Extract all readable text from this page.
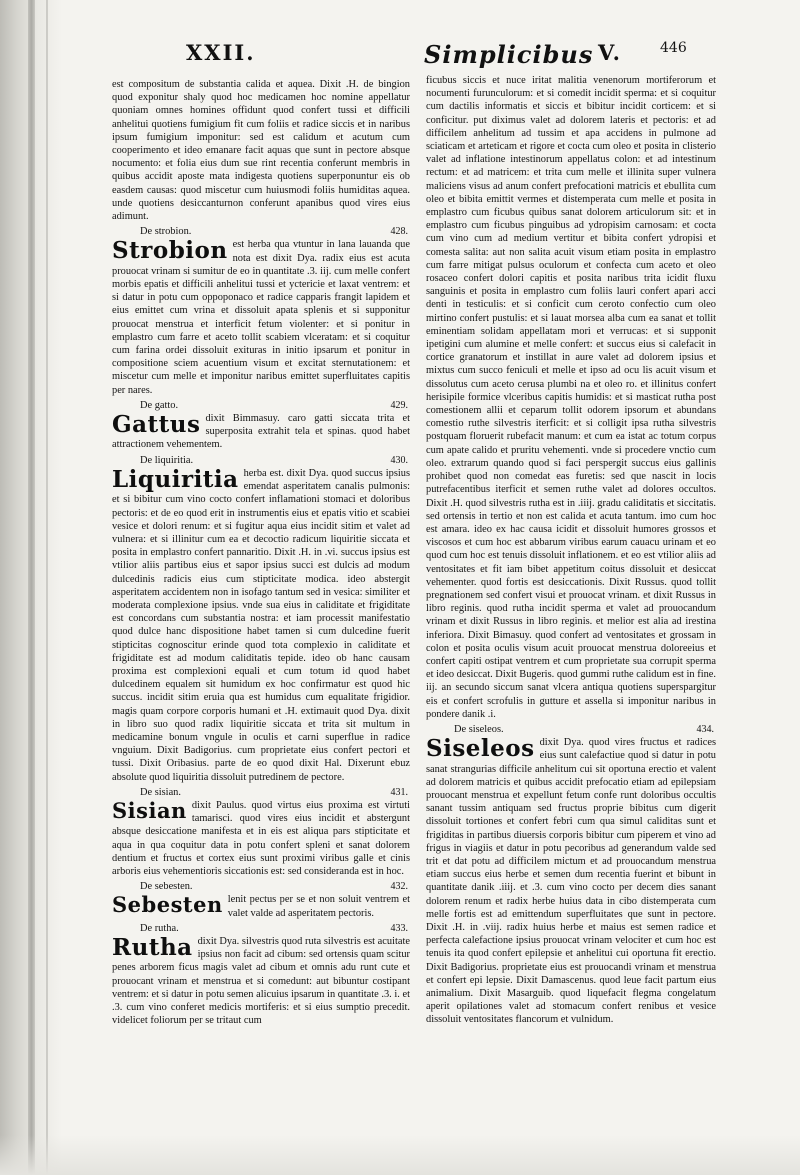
XXII.	Simplicibus V.	446

est compositum de substantia calida et aquea. Dixit .H. de bingion quod exponitur shaly quod hoc medicamen hoc nomine appellatur quoniam omnes homines offidunt quod confert tussi et difficili anhelitui quotiens fumigium fit cum foliis et radice siccis et in naribus ipsum fumigium imponitur: sed est calidum et acutum cum cooperimento et ideo emanare facit aquas que sunt in pectore absque nocumento: et folia eius dum sue rint recentia conferunt membris in quibus accidit aposte mata indigesta quotiens superponuntur eis ob easdem causas: quod miscetur cum huiusmodi foliis humiditas aquea. unde quotiens desiccanturnon conferunt apanibus quod vires eius adimunt.

De strobion.	428.
Strobion est herba qua vtuntur in lana lauanda que nota est dixit Dya. radix eius est acuta prouocat vrinam si sumitur de eo in quantitate .3. iij. cum melle confert morbis epatis et difficili anhelitui tussi et yctericie et laxat ventrem: et si datur in potu cum oppoponaco et radice capparis frangit lapidem et eius emittet cum vrina et dissoluit apata splenis et si supponitur prouocat menstrua et interficit fetum violenter: et si ponitur in emplastro cum farre et aceto tollit scabiem vlceratam: et si coquitur cum farina ordei dissoluit exituras in initio ipsarum et ponitur in compositione sciem acuentium visum et excitat sternutationem: et miscetur cum melle et imponitur naribus emittet superfluitates capitis per nares.

De gatto.	429.
Gattus dixit Bimmasuy. caro gatti siccata trita et superposita extrahit tela et spinas. quod habet attractionem vehementem.

De liquiritia.	430.
Liquiritia herba est. dixit Dya. quod succus ipsius emendat asperitatem canalis pulmonis: et si bibitur cum vino cocto confert inflamationi stomaci et doloribus pectoris: et de eo quod erit in instrumentis eius et epatis vitio et scabiei vesice et dolori renum: et si fugitur aqua eius incidit sitim et valet ad vulnera: et si illinitur cum ea et decoctio radicum liquiritie siccata et posita in emplastro confert pannaritio. Dixit .H. in .vi. succus ipsius est vtilior aliis partibus eius et sapor ipsius succi est dulcis ad modum dulcedinis radicis eius cum stipticitate modica. ideo abstergit asperitatem accidentem non in isofago tantum sed in vesica: similiter et moderata complexione ipsius. vnde sua eius in caliditate et frigiditate est concordans cum substantia nostra: et iam processit manifestatio quod dulce hanc dispositione habet tamen si cum dulcedine fuerit stipticitas cognoscitur erinde quod tota complexio in caliditate et frigiditate est ad modum caliditatis tepide. ideo ob hanc causam proxima est complexioni equali et cum totum id quod habet dulcedinem equalem sit humidum ex hoc confirmatur est quod hic succus. incidit sitim eruia qua est humidus cum equalitate frigidior. magis quam corpore corporis humani et .H. extimauit quod Dya. dixit in libro suo quod radix liquiritie siccata et trita sit multum in medicamine bonum vngule in oculis et carni superflue in radice vnguium. Dixit Badigorius. cum proprietate eius confert pectori et tussi. Dixit Oribasius. parte de eo quod dixit Hal. Dixerunt ebuz absolute quod liquiritia dissoluit putredinem de pectore.

De sisian.	431.
Sisian dixit Paulus. quod virtus eius proxima est virtuti tamarisci. quod vires eius incidit et abstergunt absque desiccatione manifesta et in eis est aliqua pars stipticitate et aqua in qua coquitur data in potu confert spleni et sanat dolorem dentium et fructus et cortex eius sunt proximi viribus galle et cinis arboris eius vehementioris siccationis est: sed consideranda est in hoc.

De sebesten.	432.
Sebesten lenit pectus per se et non soluit ventrem et valet valde ad asperitatem pectoris.

De rutha.	433.
Rutha dixit Dya. silvestris quod ruta silvestris est acuitate ipsius non facit ad cibum: sed ortensis quam scitur penes arborem ficus magis valet ad cibum et omnis adu runt cute et prouocant vrinam et menstrua et si comedunt: aut bibuntur costipant ventrem: et si datur in potu semen alicuius ipsarum in quantitate .3. i. et .3. cum vino conferet medicis mortiferis: et si eius sumptio precedit. videlicet foliorum per se tritaut cum

ficubus siccis et nuce iritat malitia venenorum mortiferorum et nocumenti furunculorum: et si comedit incidit sperma: et si coquitur cum dactilis informatis et siccis et bibitur incidit corticem: et si conficitur. put diximus valet ad dolorem lateris et pectoris: et ad difficilem anhelitum ad tussim et apa accidens in pulmone ad sciaticam et arteticam et rigore et cocta cum oleo et posita in clisterio valet ad inflatione intestinorum appellatus colon: et ad intestinum rectum: et ad matricem: et trita cum melle et illinita super vulnera maliciens visus ad anum confert prefocationi matricis et ebullita cum oleo et bibita emittit vermes et distemperata cum melle et posita in emplastro cum ficubus quibus sanat dolorem articulorum sit: et in emplastro cum ficubus pinguibus ad ydropisim carnosam: et cocta cum vino cum ad medium vertitur et bibita confert ydropisi et comesta salita: aut non salita acuit visum etiam posita in emplastro cum farre mitigat pulsus oculorum et confecta cum aceto et oleo rosaceo confert dolori capitis et posita naribus trita icidit fluxu sanguinis et posita in emplastro cum foliis lauri confert apari acci denti in testiculis: et si conficit cum ceroto confectio cum oleo mirtino confert pustulis: et si lauat morsea alba cum ea sanat et tollit eminentiam solidam appellatam mori et verrucas: et si supponit ipetigini cum alumine et melle confert: et succus eius si calefacit in cortice granatorum et instillat in aure valet ad dolorem ipsius et mixtus cum succo feniculi et melle et ipso ad ocu lis acuit visum et dissolutus cum aceto cerusa plumbi na et oleo ro. et illinitus confert herisipile formice vlceribus capitis humidis: et si masticat rutha post comestionem allii et ceparum tollit odorem ipsorum et abundans comestio ruthe silvestris iterficit: et si colligit ipsa rutha silvestris postquam floruerit rubefacit manum: et cum ea istat ac totum corpus cum apate calido et pruritu vehementi. vnde si procedere vnctio cum oleo. extrarum quando quod si faci perspergit succus eius gallinis prohibet quod non comedat eas furetis: sed que nascit in locis putrefacentibus iterficit et semen ruthe valet ad dolores occultos. Dixit .H. quod silvestris rutha est in .iiij. gradu caliditatis et siccitatis. sed ortensis in tertio et non est calida et acuta tantum. imo cum hoc est amara. ideo ex hac causa icidit et dissoluit humores grossos et viscosos et cum hoc est abbarum viribus earum cauacu urinam et eo quod cum hoc est tenuis dissoluit inflationem. et eo est vtilior aliis ad ventositates et fit iam bibet appetitum coitus dissoluit et desiccat vehementer. quod fortis est desiccationis. Dixit Russus. quod tollit pregnationem sed confert visui et prouocat vrinam. et dixit Russus in libro reginis. quod rutha incidit sperma et valet ad prouocandum vrinam et dixit Russus in libro reginis. et melior est alia ad irestina inferiora. Dixit Bimasuy. quod confert ad ventositates et grossam in colon et posita oculis visum acuit prouocat menstrua doloreeius et confert capiti ostipat ventrem et cum proprietate sua corrupit sperma et ideo desiccat. Dixit Bugeris. quod gummi ruthe calidum est in fine. iij. an secundo siccum sanat vlcera antiqua quotiens superspargitur eis et confert scrofulis in gutture et assella si imponitur naribus in pondere danik .i.

De siseleos.	434.
Siseleos dixit Dya. quod vires fructus et radices eius sunt calefactiue quod si datur in potu sanat strangurias difficile anhelitum cui sit oportuna erectio et valent ad dolorem matricis et quibus accidit prefocatio etiam ad epilepsiam prouocant menstrua et expellunt fetum confe runt doloribus occultis sanant tussim antiquam sed fructus proprie bibitus cum digerit dissoluit tortiones et confert febri cum qua simul caliditas sunt et frigiditas in partibus diuersis corporis bibitur cum piperem et vino ad frigus in viagiis et datur in potu pecoribus ad generandum valde sed trit et dat potu ad difficilem mictum et ad prouocandum menstrua etiam succus eius herbe et semen dum recentia fuerint et bibunt in quantitate danik .iiij. et .3. cum vino cocto per decem dies sanant dolorem renum et radix herbe huius data in cibo distemperata cum melle fortis est ad emittendum superfluitates que sunt in pectore. Dixit .H. in .viij. radix huius herbe et maius est semen radice et perfecta calefactione ipsius prouocat vrinam velociter et cum hoc est tenuis ita quod confert epilepsie et anhelitui cui oportuna fit erectio. Dixit Badigorius. proprietate eius est prouocandi vrinam et menstrua et confert epi lepsie. Dixit Damascenus. quod leue facit partum eius animalium. Dixit Masarguib. quod liquefacit flegma congelatum aperit opilationes valet ad stomacum confert renibus et vesice dissoluit ventositates flancorum et vulnidum.
